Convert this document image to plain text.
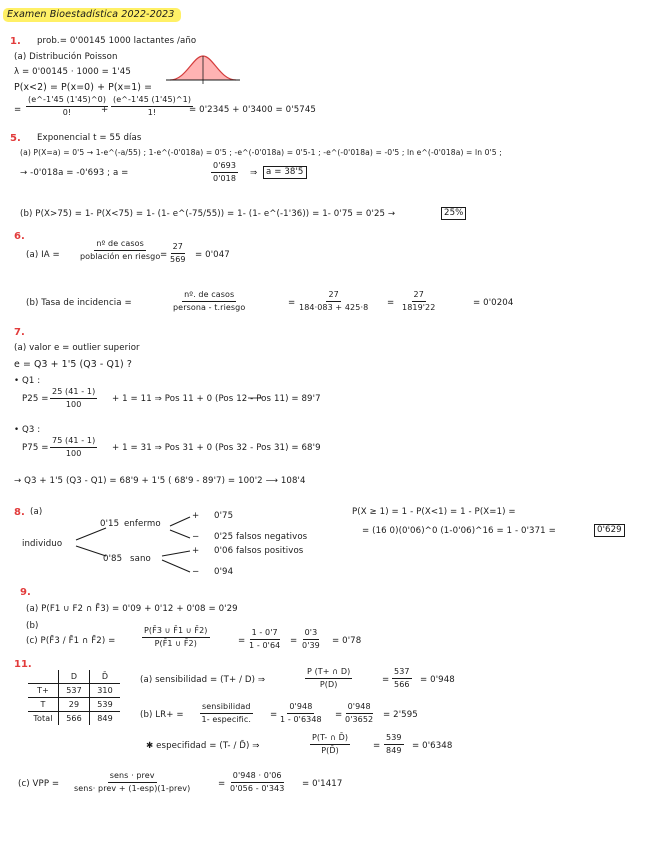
Examen Bioestadística 2022-2023
1. prob.= 0'00145 1000 lactantes /año
(a) Distribución Poisson
λ = 0'00145 · 1000 = 1'45
P(x<2) = P(x=0) + P(x=1) =
= $\frac{(e\^{}-1'45 (1'45)\^{}0)}{0!}$
+ $\frac{(e\^{}-1'45 (1'45)\^{}1)}{1!}$
= 0'2345 + 0'3400 = 0'5745
5. Exponencial t = 55 días
(a) P(X=a) = 0'5 → 1-e^(-a/55) ; 1-e^(-0'018a) = 0'5 ; -e^(-0'018a) = 0'5-1 ; -e^(-0'018a) = -0'5 ; ln e^(-0'018a) = ln 0'5 ;
→ -0'018a = -0'693 ; a =	$\frac{0'693}{0'018}$ ⇒	a = 38'5
(b) P(X>75) = 1- P(X<75) = 1- (1- e^(-75/55)) = 1- (1- e^(-1'36)) = 1- 0'75 = 0'25 →	25%
6.
(a) IA =
nº de casos
población en riesgo = $\frac{27}{569} = 0'047$
(b) Tasa de incidencia =
nº. de casos
persona - t.riesgo	= $\frac{27}{184\cdot 083 + 425\cdot 8} = \frac{27}{1819'22}$	= 0'0204
7.
(a) valor e = outlier superior
e = Q3 + 1'5 (Q3 - Q1) ?
• Q1 :
$P25 = \frac{25 (41 - 1)}{100} + 1 = 11$ ⇒ Pos 11 + 0 (Pos 12 - Pos 11) = 89'7
• Q3 :
$P75 = \frac{75 (41 - 1)}{100} + 1 = 31$ ⇒ Pos 31 + 0 (Pos 32 - Pos 31) = 68'9
→ Q3 + 1'5 (Q3 - Q1) = 68'9 + 1'5 ( 68'9 - 89'7) = 100'2 ⟶ 108'4
8. (a)
individuo
0'15 enfermo
0'85 sano
+ 0'75
− 0'25 falsos negativos
+ 0'06 falsos positivos
− 0'94
P(X ≥ 1) = 1 - P(X<1) = 1 - P(X=1) =
= (16 0)(0'06)^0 (1-0'06)^16 = 1 - 0'371 =	0'629
9.
(a) P(F1 ∪ F2 ∩ F̄3) = 0'09 + 0'12 + 0'08 = 0'29
(b)
(c) P(F̄3 / F̄1 ∩ F̄2) =	$\frac{P(F̄3 \cup F̄1 \cup F̄2)}{P(F̄1 \cup F̄2)}$	= $\frac{1 - 0'7}{1 - 0'64} = \frac{0'3}{0'39} = 0'78$
11.
	D	D̄
T+	537	310
T	29	539
Total	566	849
(a) sensibilidad = (T+ / D) ⇒	$\frac{P (T+ \cap D)}{P(D)}$	= $\frac{537}{566} = 0'948$
(b) LR+ =
sensibilidad
1- especific. = $\frac{0'948}{1 - 0'6348} = \frac{0'948}{0'3652} = 2'595$
✱ especifidad = (T- / D̄) ⇒	$\frac{P(T- \cap D̄)}{P(D̄)}$	= $\frac{539}{849} = 0'6348$
(c) VPP =
sens · prev
sens· prev + (1-esp)(1-prev)	= $\frac{0'948 \cdot 0'06}{0'056 - 0'343} = 0'1417$
